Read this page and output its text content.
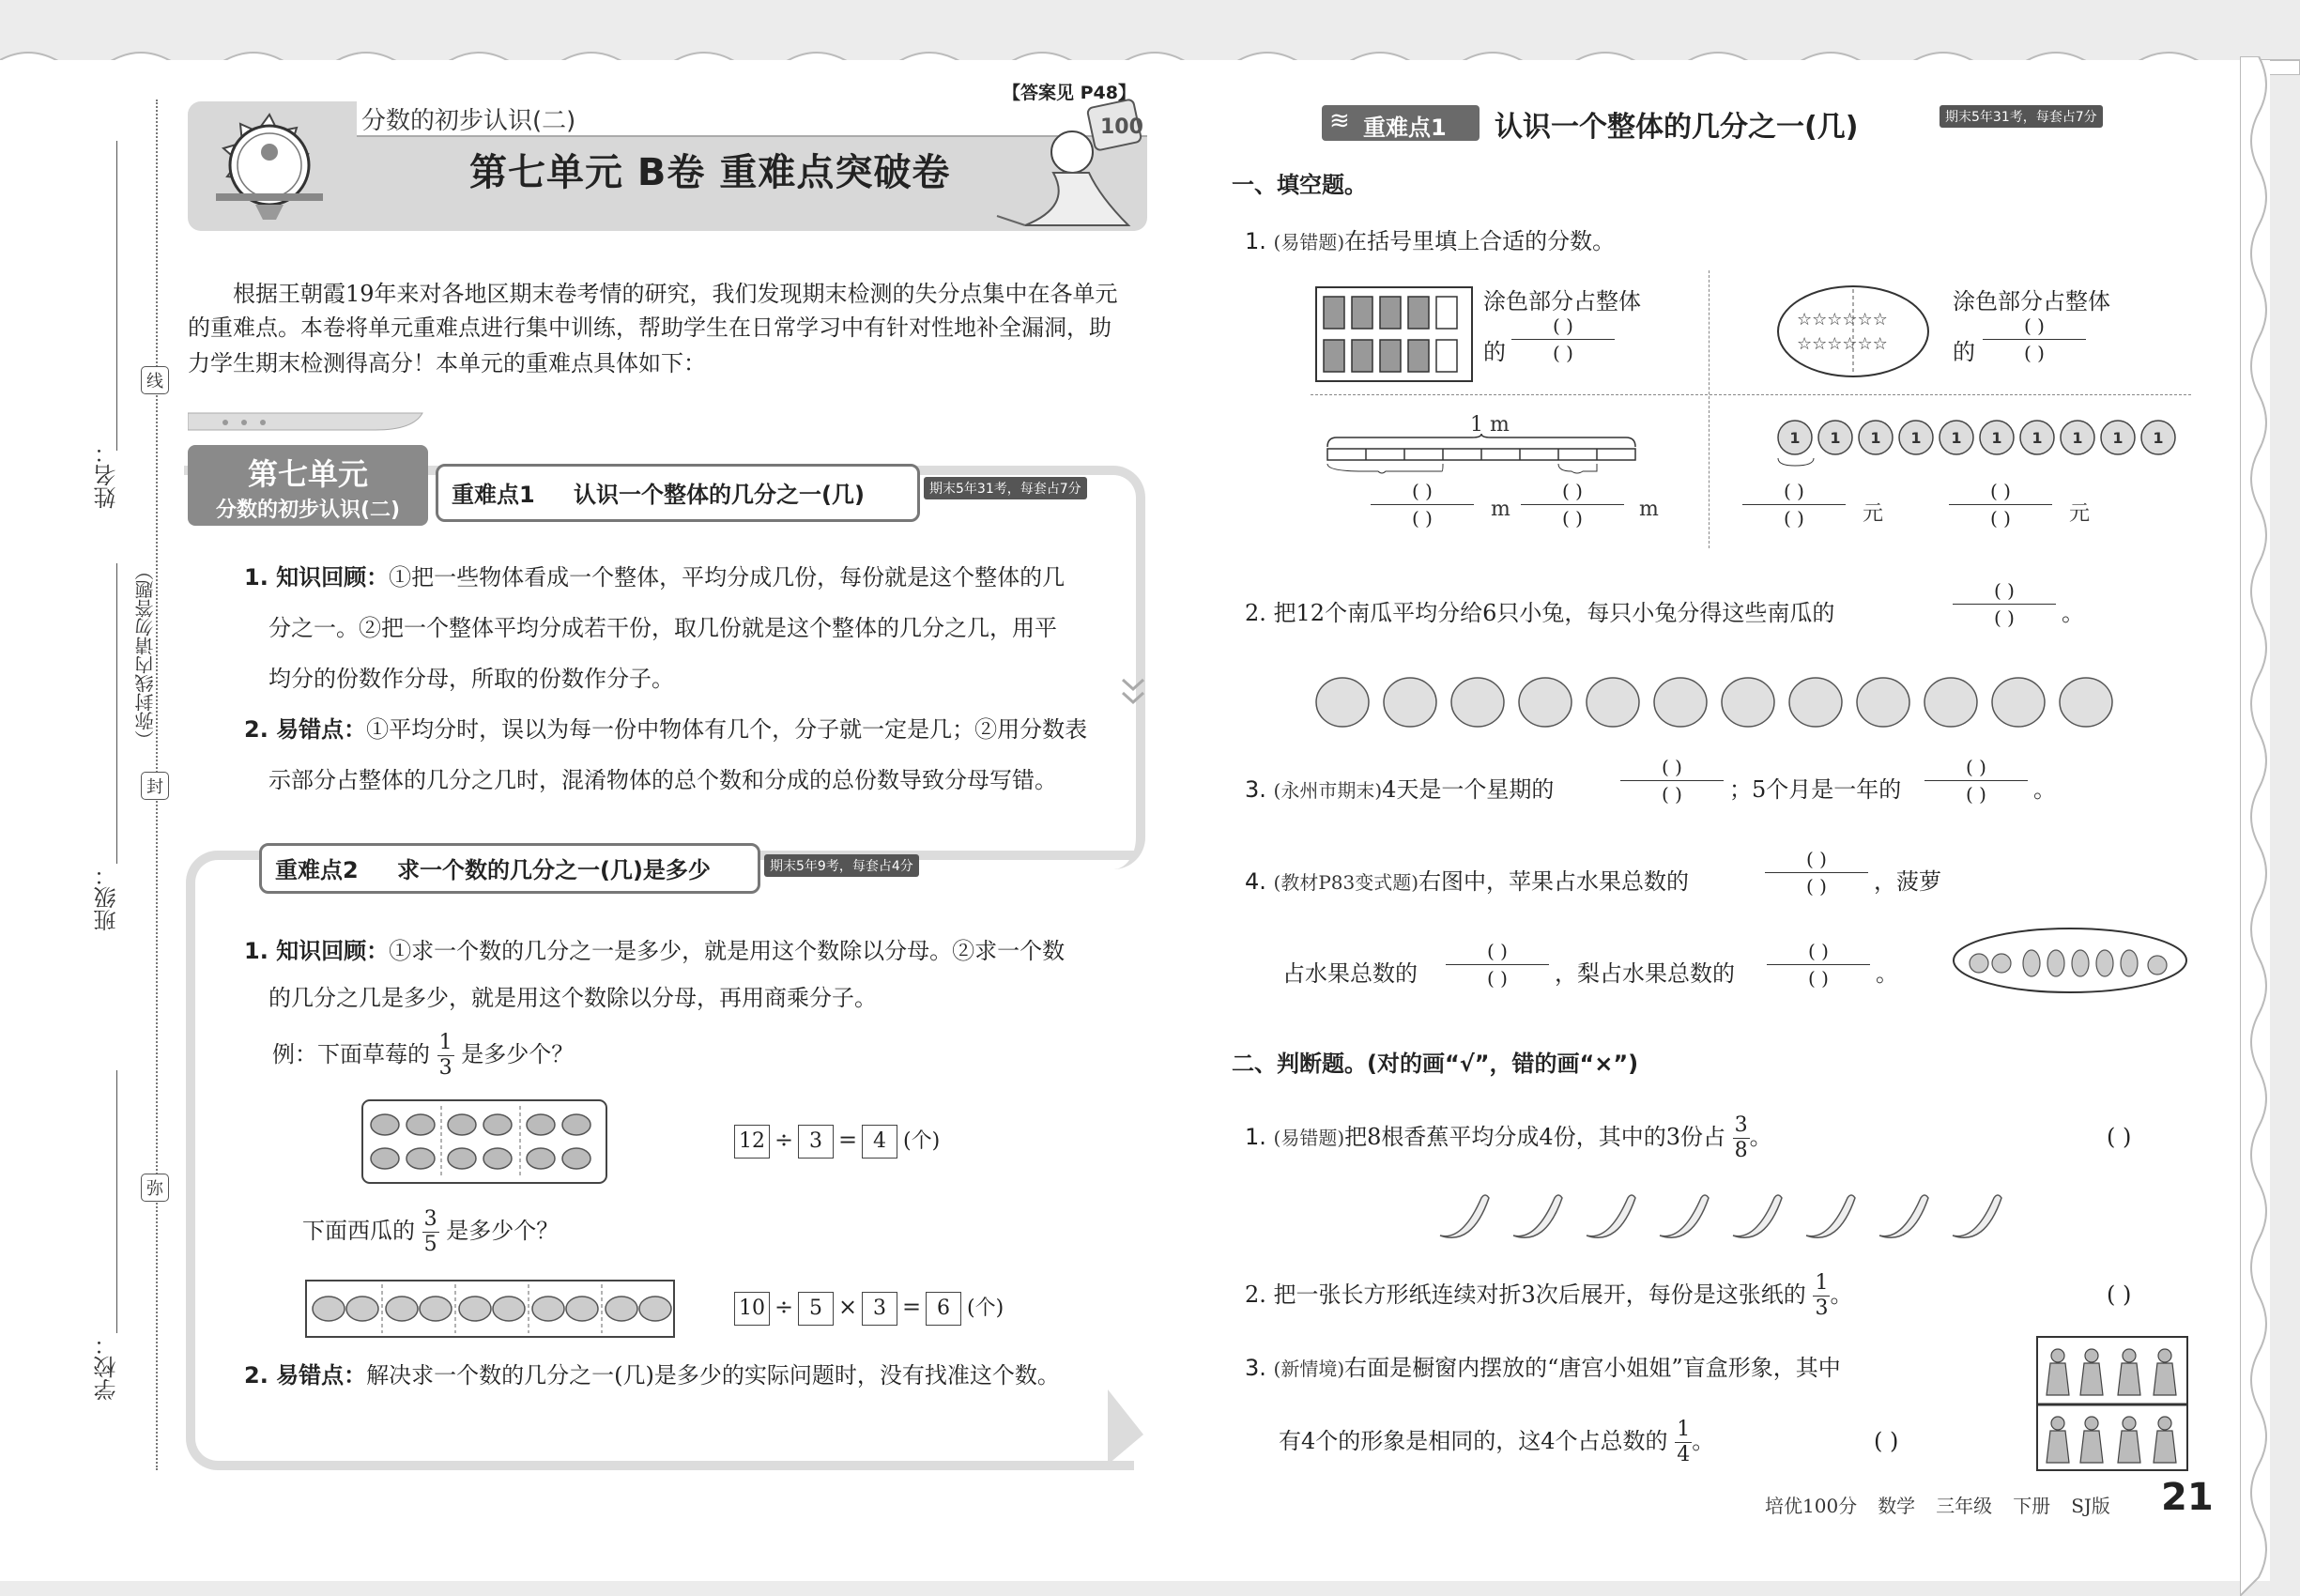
姓名：
班级：
学校：
（弥封线内请勿答题）
线
封
弥
分数的初步认识(二)
【答案见 P48】
第七单元 B卷 重难点突破卷
100
根据王朝霞19年来对各地区期末卷考情的研究，我们发现期末检测的失分点集中在各单元
的重难点。本卷将单元重难点进行集中训练，帮助学生在日常学习中有针对性地补全漏洞，助
力学生期末检测得高分！本单元的重难点具体如下：
第七单元
分数的初步认识(二)
重难点1 认识一个整体的几分之一(几)	期末5年31考，每套占7分
1. 知识回顾：①把一些物体看成一个整体，平均分成几份，每份就是这个整体的几
分之一。②把一个整体平均分成若干份，取几份就是这个整体的几分之几，用平
均分的份数作分母，所取的份数作分子。
2. 易错点：①平均分时，误以为每一份中物体有几个，分子就一定是几；②用分数表
示部分占整体的几分之几时，混淆物体的总个数和分成的总份数导致分母写错。
重难点2 求一个数的几分之一(几)是多少	期末5年9考，每套占4分
1. 知识回顾：①求一个数的几分之一是多少，就是用这个数除以分母。②求一个数
的几分之几是多少，就是用这个数除以分母，再用商乘分子。
例：下面草莓的 $\frac{1}{3}$ 是多少个？
12 ÷ 3 = 4 (个)
下面西瓜的 $\frac{3}{5}$ 是多少个？
10 ÷ 5 × 3 = 6 (个)
2. 易错点：解决求一个数的几分之一(几)是多少的实际问题时，没有找准这个数。
≋ 重难点1 认识一个整体的几分之一(几)	期末5年31考，每套占7分
一、填空题。
1. (易错题)在括号里填上合适的分数。
涂色部分占整体
的
( )
( )
☆☆☆☆☆☆
☆☆☆☆☆☆
涂色部分占整体
的
( )
( )
1 m
( )
( )	m
( )
( )	m
1 1 1 1 1 1 1 1 1 1
( )
( )	元
( )
( )	元
2. 把12个南瓜平均分给6只小兔，每只小兔分得这些南瓜的
( )
( ) 。
3. (永州市期末)4天是一个星期的
( )
( ) ；5个月是一年的
( )
( ) 。
4. (教材P83变式题)右图中，苹果占水果总数的
( )
( ) ，菠萝
占水果总数的
( )
( ) ，梨占水果总数的
( )
( ) 。
二、判断题。(对的画“√”，错的画“×”)
1. (易错题)把8根香蕉平均分成4份，其中的3份占 $\frac{3}{8}$ 。	( )
2. 把一张长方形纸连续对折3次后展开，每份是这张纸的 $\frac{1}{3}$ 。	( )
3. (新情境)右面是橱窗内摆放的“唐宫小姐姐”盲盒形象，其中
有4个的形象是相同的，这4个占总数的 $\frac{1}{4}$ 。	( )
培优100分 数学 三年级 下册 SJ版 21
